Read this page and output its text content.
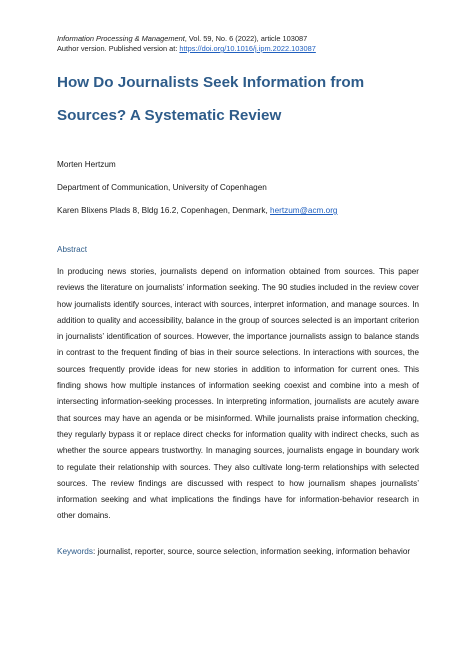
Information Processing & Management, Vol. 59, No. 6 (2022), article 103087
Author version. Published version at: https://doi.org/10.1016/j.ipm.2022.103087
How Do Journalists Seek Information from Sources? A Systematic Review
Morten Hertzum
Department of Communication, University of Copenhagen
Karen Blixens Plads 8, Bldg 16.2, Copenhagen, Denmark, hertzum@acm.org
Abstract

In producing news stories, journalists depend on information obtained from sources. This paper reviews the literature on journalists’ information seeking. The 90 studies included in the review cover how journalists identify sources, interact with sources, interpret information, and manage sources. In addition to quality and accessibility, balance in the group of sources selected is an important criterion in journalists’ identification of sources. However, the importance journalists assign to balance stands in contrast to the frequent finding of bias in their source selections. In interactions with sources, the sources frequently provide ideas for new stories in addition to information for current ones. This finding shows how multiple instances of information seeking coexist and combine into a mesh of intersecting information-seeking processes. In interpreting information, journalists are acutely aware that sources may have an agenda or be misinformed. While journalists praise information checking, they regularly bypass it or replace direct checks for information quality with indirect checks, such as whether the source appears trustworthy. In managing sources, journalists engage in boundary work to regulate their relationship with sources. They also cultivate long-term relationships with selected sources. The review findings are discussed with respect to how journalism shapes journalists’ information seeking and what implications the findings have for information-behavior research in other domains.

Keywords: journalist, reporter, source, source selection, information seeking, information behavior
